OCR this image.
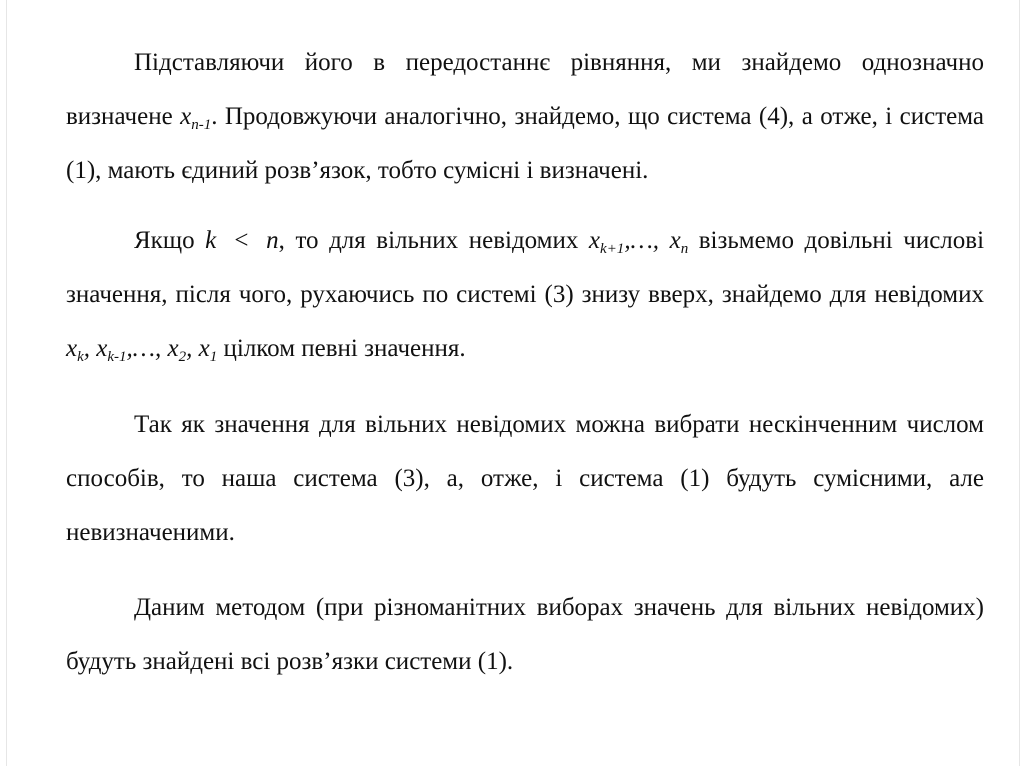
Підставляючи його в передостаннє рівняння, ми знайдемо однозначно визначене $x_{n-1}$. Продовжуючи аналогічно, знайдемо, що система (4), а отже, і система (1), мають єдиний розв’язок, тобто сумісні і визначені.

Якщо k < n, то для вільних невідомих $x_{k+1},\dots$, $x_n$ візьмемо довільні числові значення, після чого, рухаючись по системі (3) знизу вверх, знайдемо для невідомих $x_k$, $x_{k-1},\dots$, $x_2$, $x_1$ цілком певні значення.

Так як значення для вільних невідомих можна вибрати нескінченним числом способів, то наша система (3), а, отже, і система (1) будуть сумісними, але невизначеними.

Даним методом (при різноманітних виборах значень для вільних невідомих) будуть знайдені всі розв’язки системи (1).
